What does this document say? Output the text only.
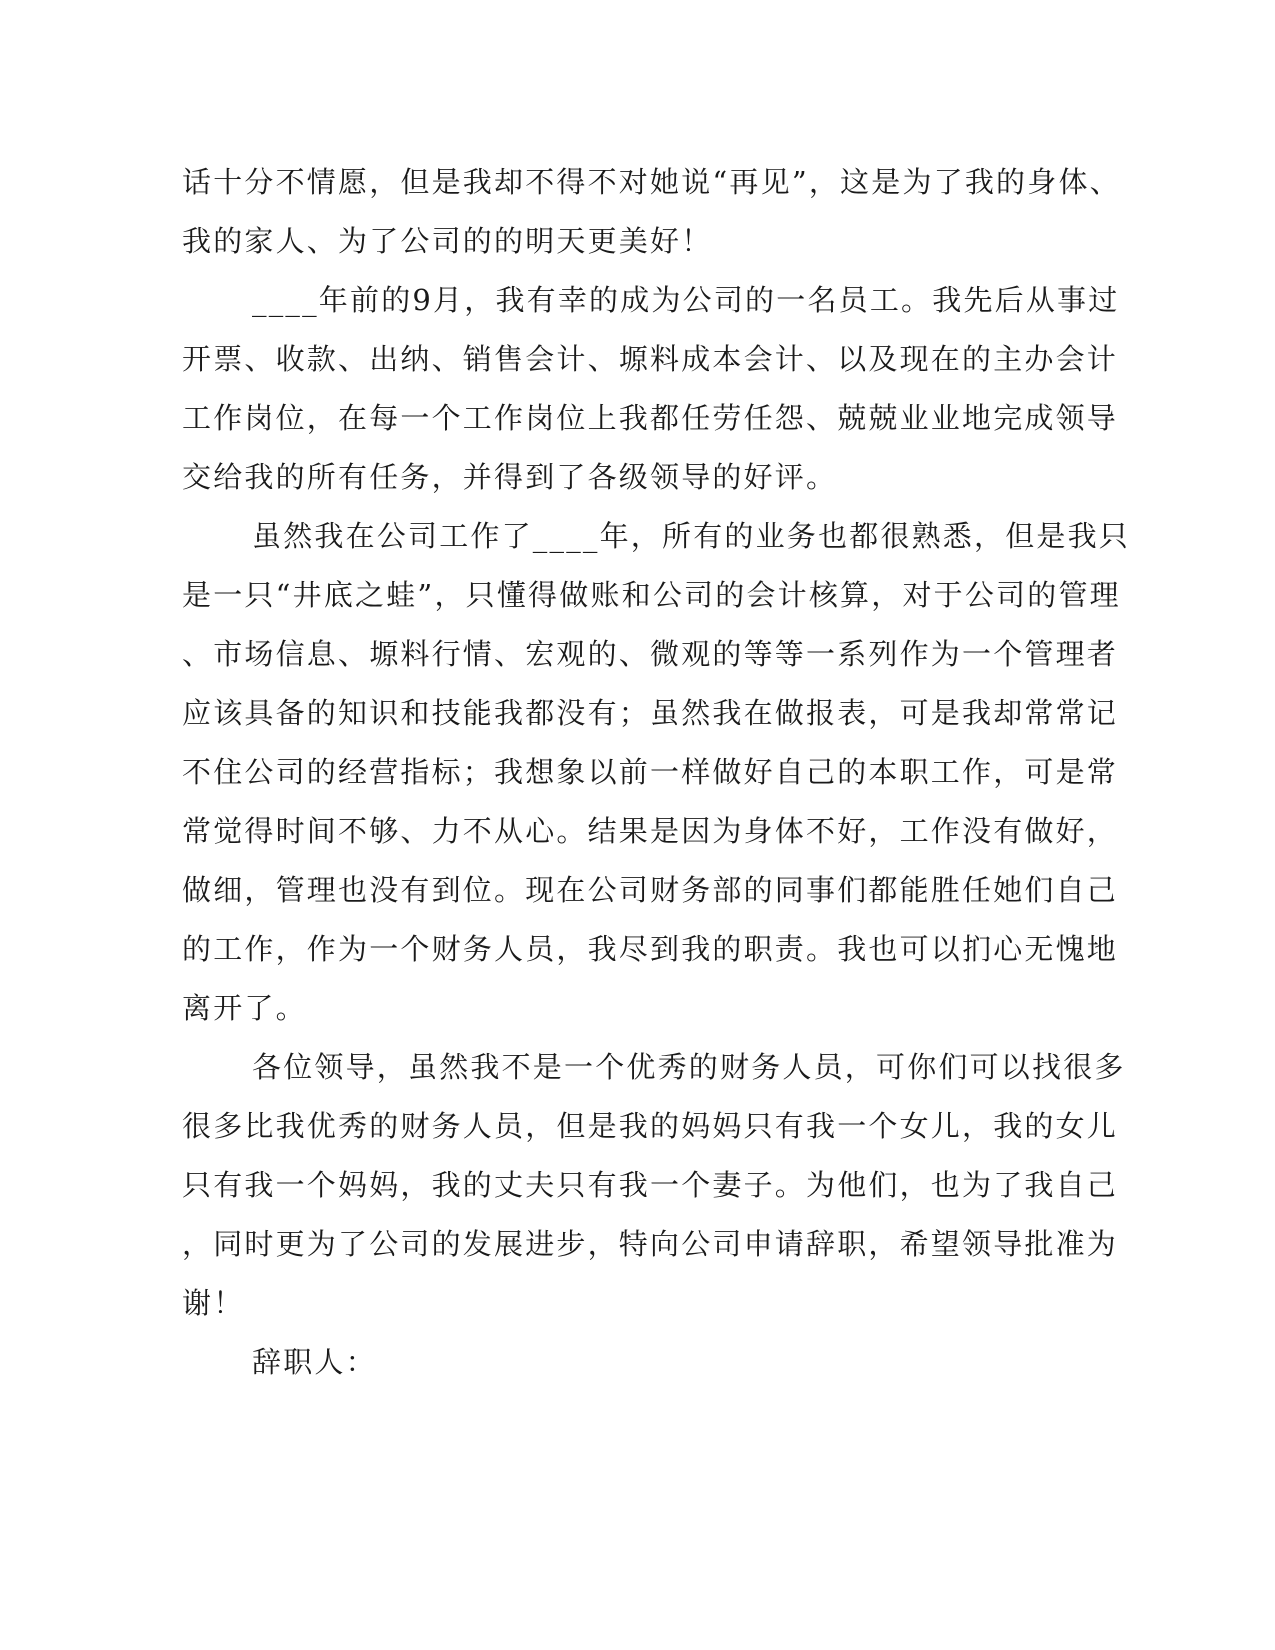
话十分不情愿，但是我却不得不对她说“再见”，这是为了我的身体、
我的家人、为了公司的的明天更美好！
____年前的9月，我有幸的成为公司的一名员工。我先后从事过
开票、收款、出纳、销售会计、塬料成本会计、以及现在的主办会计
工作岗位，在每一个工作岗位上我都任劳任怨、兢兢业业地完成领导
交给我的所有任务，并得到了各级领导的好评。
虽然我在公司工作了____年，所有的业务也都很熟悉，但是我只
是一只“井底之蛙”，只懂得做账和公司的会计核算，对于公司的管理
、市场信息、塬料行情、宏观的、微观的等等一系列作为一个管理者
应该具备的知识和技能我都没有；虽然我在做报表，可是我却常常记
不住公司的经营指标；我想象以前一样做好自己的本职工作，可是常
常觉得时间不够、力不从心。结果是因为身体不好，工作没有做好，
做细，管理也没有到位。现在公司财务部的同事们都能胜任她们自己
的工作，作为一个财务人员，我尽到我的职责。我也可以扪心无愧地
离开了。
各位领导，虽然我不是一个优秀的财务人员，可你们可以找很多
很多比我优秀的财务人员，但是我的妈妈只有我一个女儿，我的女儿
只有我一个妈妈，我的丈夫只有我一个妻子。为他们，也为了我自己
，同时更为了公司的发展进步，特向公司申请辞职，希望领导批准为
谢！
辞职人：
